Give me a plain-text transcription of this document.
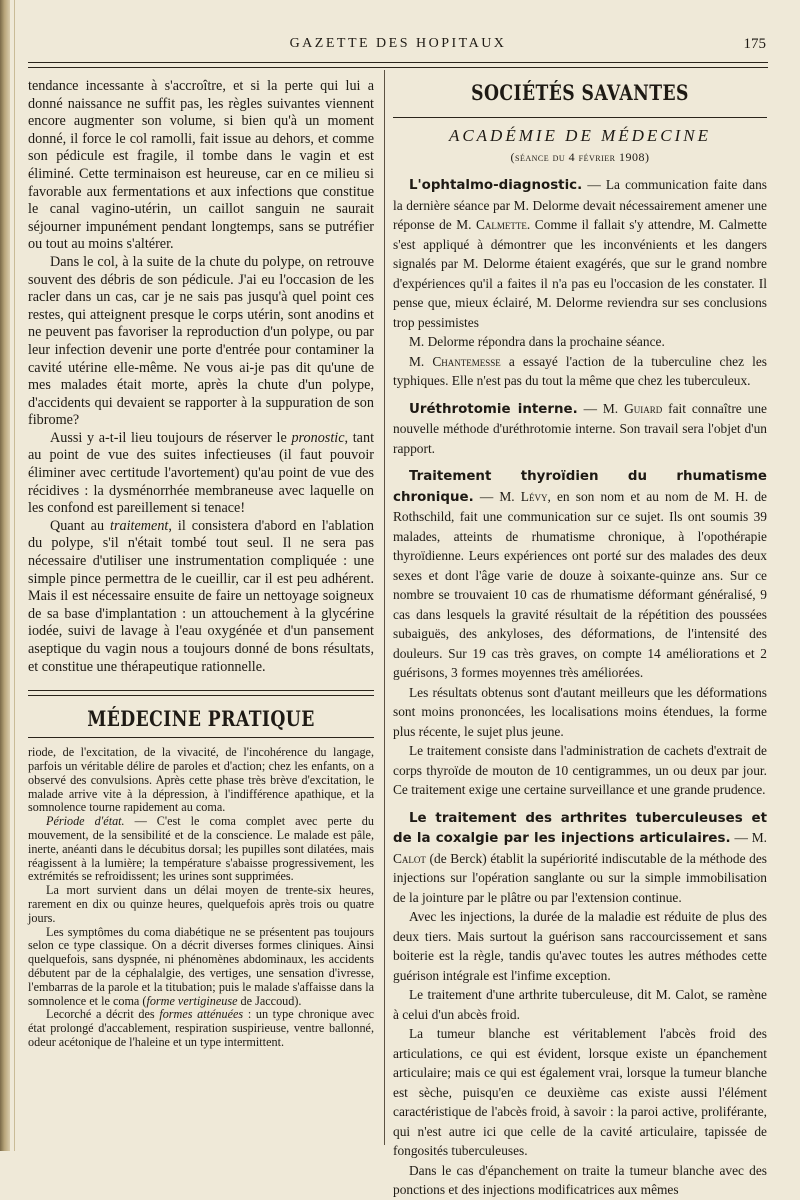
GAZETTE DES HOPITAUX	175

tendance incessante à s'accroître, et si la perte qui lui a donné naissance ne suffit pas, les règles suivantes viennent encore augmenter son volume, si bien qu'à un moment donné, il force le col ramolli, fait issue au dehors, et comme son pédicule est fragile, il tombe dans le vagin et est éliminé. Cette terminaison est heureuse, car en ce milieu si favorable aux fermentations et aux infections que constitue le canal vagino-utérin, un caillot sanguin ne saurait séjourner impunément pendant longtemps, sans se putréfier ou tout au moins s'altérer.

Dans le col, à la suite de la chute du polype, on retrouve souvent des débris de son pédicule. J'ai eu l'occasion de les racler dans un cas, car je ne sais pas jusqu'à quel point ces restes, qui atteignent presque le corps utérin, sont anodins et ne peuvent pas favoriser la reproduction d'un polype, ou par leur infection devenir une porte d'entrée pour contaminer la cavité utérine elle-même. Ne vous ai-je pas dit qu'une de mes malades était morte, après la chute d'un polype, d'accidents qui devaient se rapporter à la suppuration de son fibrome?

Aussi y a-t-il lieu toujours de réserver le pronostic, tant au point de vue des suites infectieuses (il faut pouvoir éliminer avec certitude l'avortement) qu'au point de vue des récidives : la dysménorrhée membraneuse avec laquelle on les confond est pareillement si tenace!

Quant au traitement, il consistera d'abord en l'ablation du polype, s'il n'était tombé tout seul. Il ne sera pas nécessaire d'utiliser une instrumentation compliquée : une simple pince permettra de le cueillir, car il est peu adhérent. Mais il est nécessaire ensuite de faire un nettoyage soigneux de sa base d'implantation : un attouchement à la glycérine iodée, suivi de lavage à l'eau oxygénée et d'un pansement aseptique du vagin nous a toujours donné de bons résultats, et constitue une thérapeutique rationnelle.

MÉDECINE PRATIQUE

riode, de l'excitation, de la vivacité, de l'incohérence du langage, parfois un véritable délire de paroles et d'action; chez les enfants, on a observé des convulsions. Après cette phase très brève d'excitation, le malade arrive vite à la dépression, à l'indifférence apathique, et la somnolence tourne rapidement au coma.

Période d'état. — C'est le coma complet avec perte du mouvement, de la sensibilité et de la conscience. Le malade est pâle, inerte, anéanti dans le décubitus dorsal; les pupilles sont dilatées, mais réagissent à la lumière; la température s'abaisse progressivement, les extrémités se refroidissent; les urines sont supprimées.

La mort survient dans un délai moyen de trente-six heures, rarement en dix ou quinze heures, quelquefois après trois ou quatre jours.

Les symptômes du coma diabétique ne se présentent pas toujours selon ce type classique. On a décrit diverses formes cliniques. Ainsi quelquefois, sans dyspnée, ni phénomènes abdominaux, les accidents débutent par de la céphalalgie, des vertiges, une sensation d'ivresse, l'embarras de la parole et la titubation; puis le malade s'affaisse dans la somnolence et le coma (forme vertigineuse de Jaccoud).

Lecorché a décrit des formes atténuées : un type chronique avec état prolongé d'accablement, respiration suspirieuse, ventre ballonné, odeur acétonique de l'haleine et un type intermittent.

SOCIÉTÉS SAVANTES
ACADÉMIE DE MÉDECINE
(séance du 4 février 1908)

L'ophtalmo-diagnostic. — La communication faite dans la dernière séance par M. Delorme devait nécessairement amener une réponse de M. Calmette. Comme il fallait s'y attendre, M. Calmette s'est appliqué à démontrer que les inconvénients et les dangers signalés par M. Delorme étaient exagérés, que sur le grand nombre d'expériences qu'il a faites il n'a pas eu l'occasion de les constater. Il pense que, mieux éclairé, M. Delorme reviendra sur ses conclusions trop pessimistes

M. Delorme répondra dans la prochaine séance.

M. Chantemesse a essayé l'action de la tuberculine chez les typhiques. Elle n'est pas du tout la même que chez les tuberculeux.

Uréthrotomie interne. — M. Guiard fait connaître une nouvelle méthode d'uréthrotomie interne. Son travail sera l'objet d'un rapport.

Traitement thyroïdien du rhumatisme chronique. — M. Lévy, en son nom et au nom de M. H. de Rothschild, fait une communication sur ce sujet. Ils ont soumis 39 malades, atteints de rhumatisme chronique, à l'opothérapie thyroïdienne. Leurs expériences ont porté sur des malades des deux sexes et dont l'âge varie de douze à soixante-quinze ans. Sur ce nombre se trouvaient 10 cas de rhumatisme déformant généralisé, 9 cas dans lesquels la gravité résultait de la répétition des poussées subaiguës, des ankyloses, des déformations, de l'intensité des douleurs. Sur 19 cas très graves, on compte 14 améliorations et 2 guérisons, 3 formes moyennes très améliorées.

Les résultats obtenus sont d'autant meilleurs que les déformations sont moins prononcées, les localisations moins étendues, la forme plus récente, le sujet plus jeune.

Le traitement consiste dans l'administration de cachets d'extrait de corps thyroïde de mouton de 10 centigrammes, un ou deux par jour. Ce traitement exige une certaine surveillance et une grande prudence.

Le traitement des arthrites tuberculeuses et de la coxalgie par les injections articulaires. — M. Calot (de Berck) établit la supériorité indiscutable de la méthode des injections sur l'opération sanglante ou sur la simple immobilisation de la jointure par le plâtre ou par l'extension continue.

Avec les injections, la durée de la maladie est réduite de plus des deux tiers. Mais surtout la guérison sans raccourcissement et sans boiterie est la règle, tandis qu'avec toutes les autres méthodes cette guérison intégrale est l'infime exception.

Le traitement d'une arthrite tuberculeuse, dit M. Calot, se ramène à celui d'un abcès froid.

La tumeur blanche est véritablement l'abcès froid des articulations, ce qui est évident, lorsque existe un épanchement articulaire; mais ce qui est également vrai, lorsque la tumeur blanche est sèche, puisqu'en ce deuxième cas existe aussi l'élément caractéristique de l'abcès froid, à savoir : la paroi active, proliférante, qui n'est autre ici que celle de la cavité articulaire, tapissée de fongosités tuberculeuses.

Dans le cas d'épanchement on traite la tumeur blanche avec des ponctions et des injections modificatrices aux mêmes
